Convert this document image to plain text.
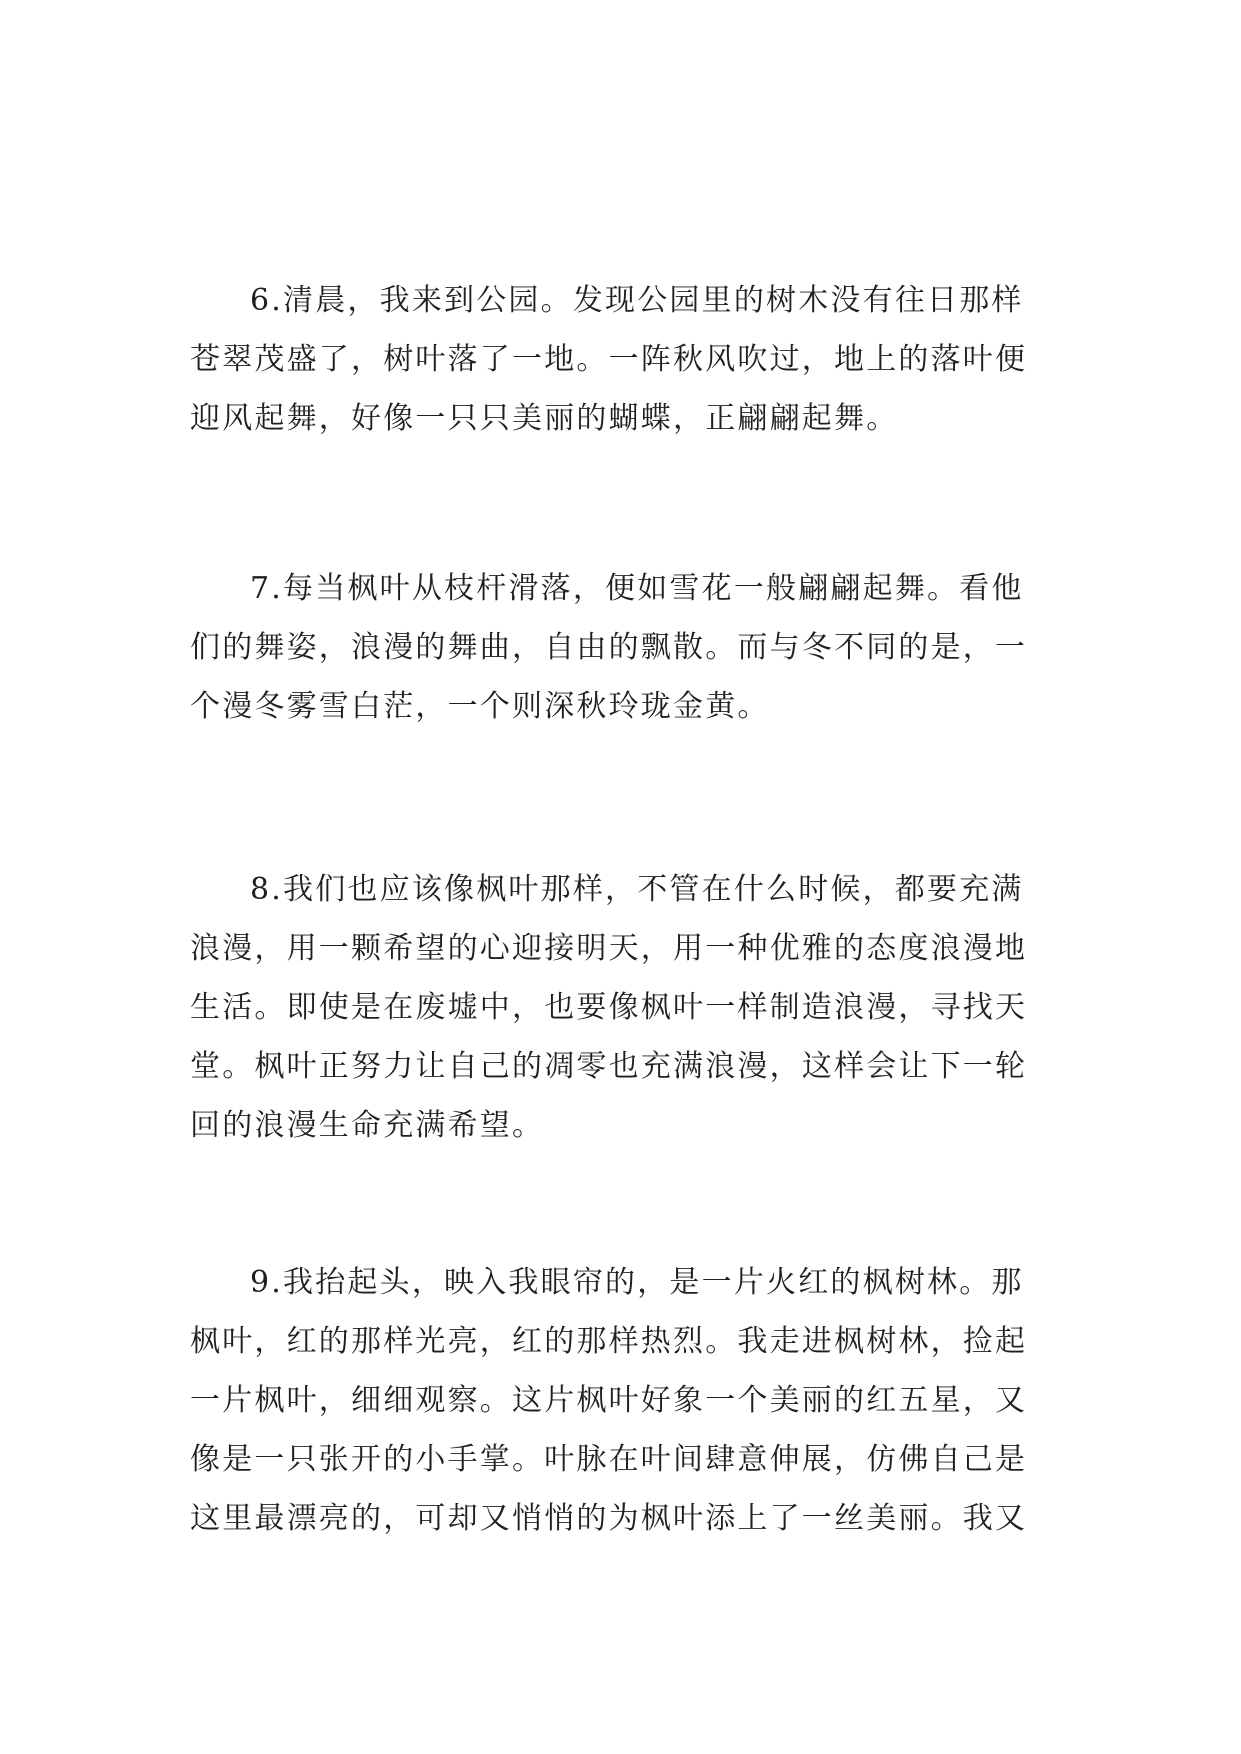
6.清晨，我来到公园。发现公园里的树木没有往日那样
苍翠茂盛了，树叶落了一地。一阵秋风吹过，地上的落叶便
迎风起舞，好像一只只美丽的蝴蝶，正翩翩起舞。
7.每当枫叶从枝杆滑落，便如雪花一般翩翩起舞。看他
们的舞姿，浪漫的舞曲，自由的飘散。而与冬不同的是，一
个漫冬雾雪白茫，一个则深秋玲珑金黄。
8.我们也应该像枫叶那样，不管在什么时候，都要充满
浪漫，用一颗希望的心迎接明天，用一种优雅的态度浪漫地
生活。即使是在废墟中，也要像枫叶一样制造浪漫，寻找天
堂。枫叶正努力让自己的凋零也充满浪漫，这样会让下一轮
回的浪漫生命充满希望。
9.我抬起头，映入我眼帘的，是一片火红的枫树林。那
枫叶，红的那样光亮，红的那样热烈。我走进枫树林，捡起
一片枫叶，细细观察。这片枫叶好象一个美丽的红五星，又
像是一只张开的小手掌。叶脉在叶间肆意伸展，仿佛自己是
这里最漂亮的，可却又悄悄的为枫叶添上了一丝美丽。我又
